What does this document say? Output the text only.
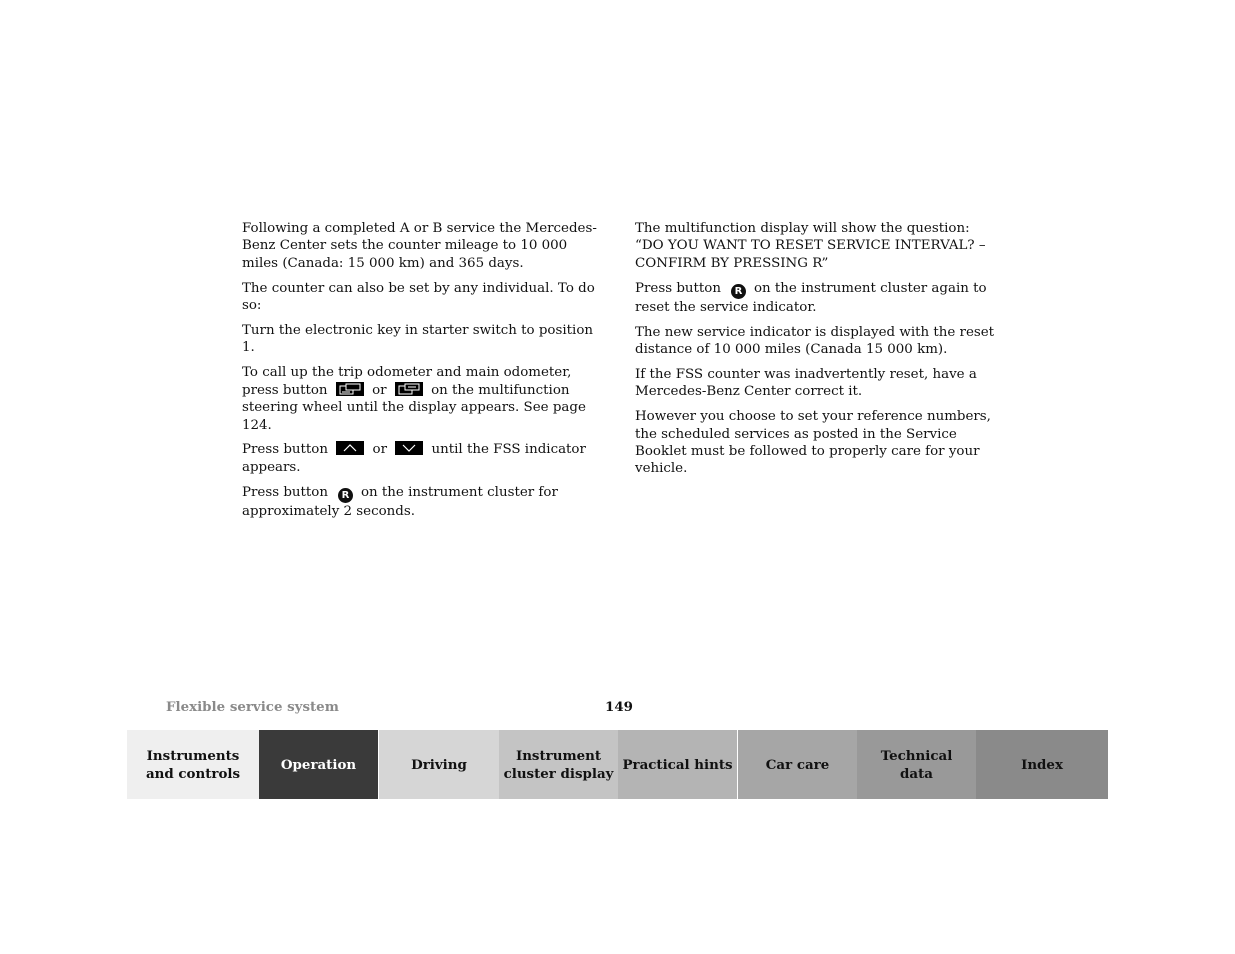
Following a completed A or B service the Mercedes-Benz Center sets the counter mileage to 10 000 miles (Canada: 15 000 km) and 365 days.

The counter can also be set by any individual. To do so:

Turn the electronic key in starter switch to position 1.

To call up the trip odometer and main odometer, press button	or	on the multifunction steering wheel until the display appears. See page 124.

Press button	or	until the FSS indicator appears.

Press button R on the instrument cluster for approximately 2 seconds.

The multifunction display will show the question:
“DO YOU WANT TO RESET SERVICE INTERVAL? – CONFIRM BY PRESSING R”

Press button R on the instrument cluster again to reset the service indicator.

The new service indicator is displayed with the reset distance of 10 000 miles (Canada 15 000 km).

If the FSS counter was inadvertently reset, have a Mercedes-Benz Center correct it.

However you choose to set your reference numbers, the scheduled services as posted in the Service Booklet must be followed to properly care for your vehicle.

Flexible service system	149
Instruments
and controls
Operation	Driving
Instrument
cluster display
Practical hints Car care
Technical
data
Index
